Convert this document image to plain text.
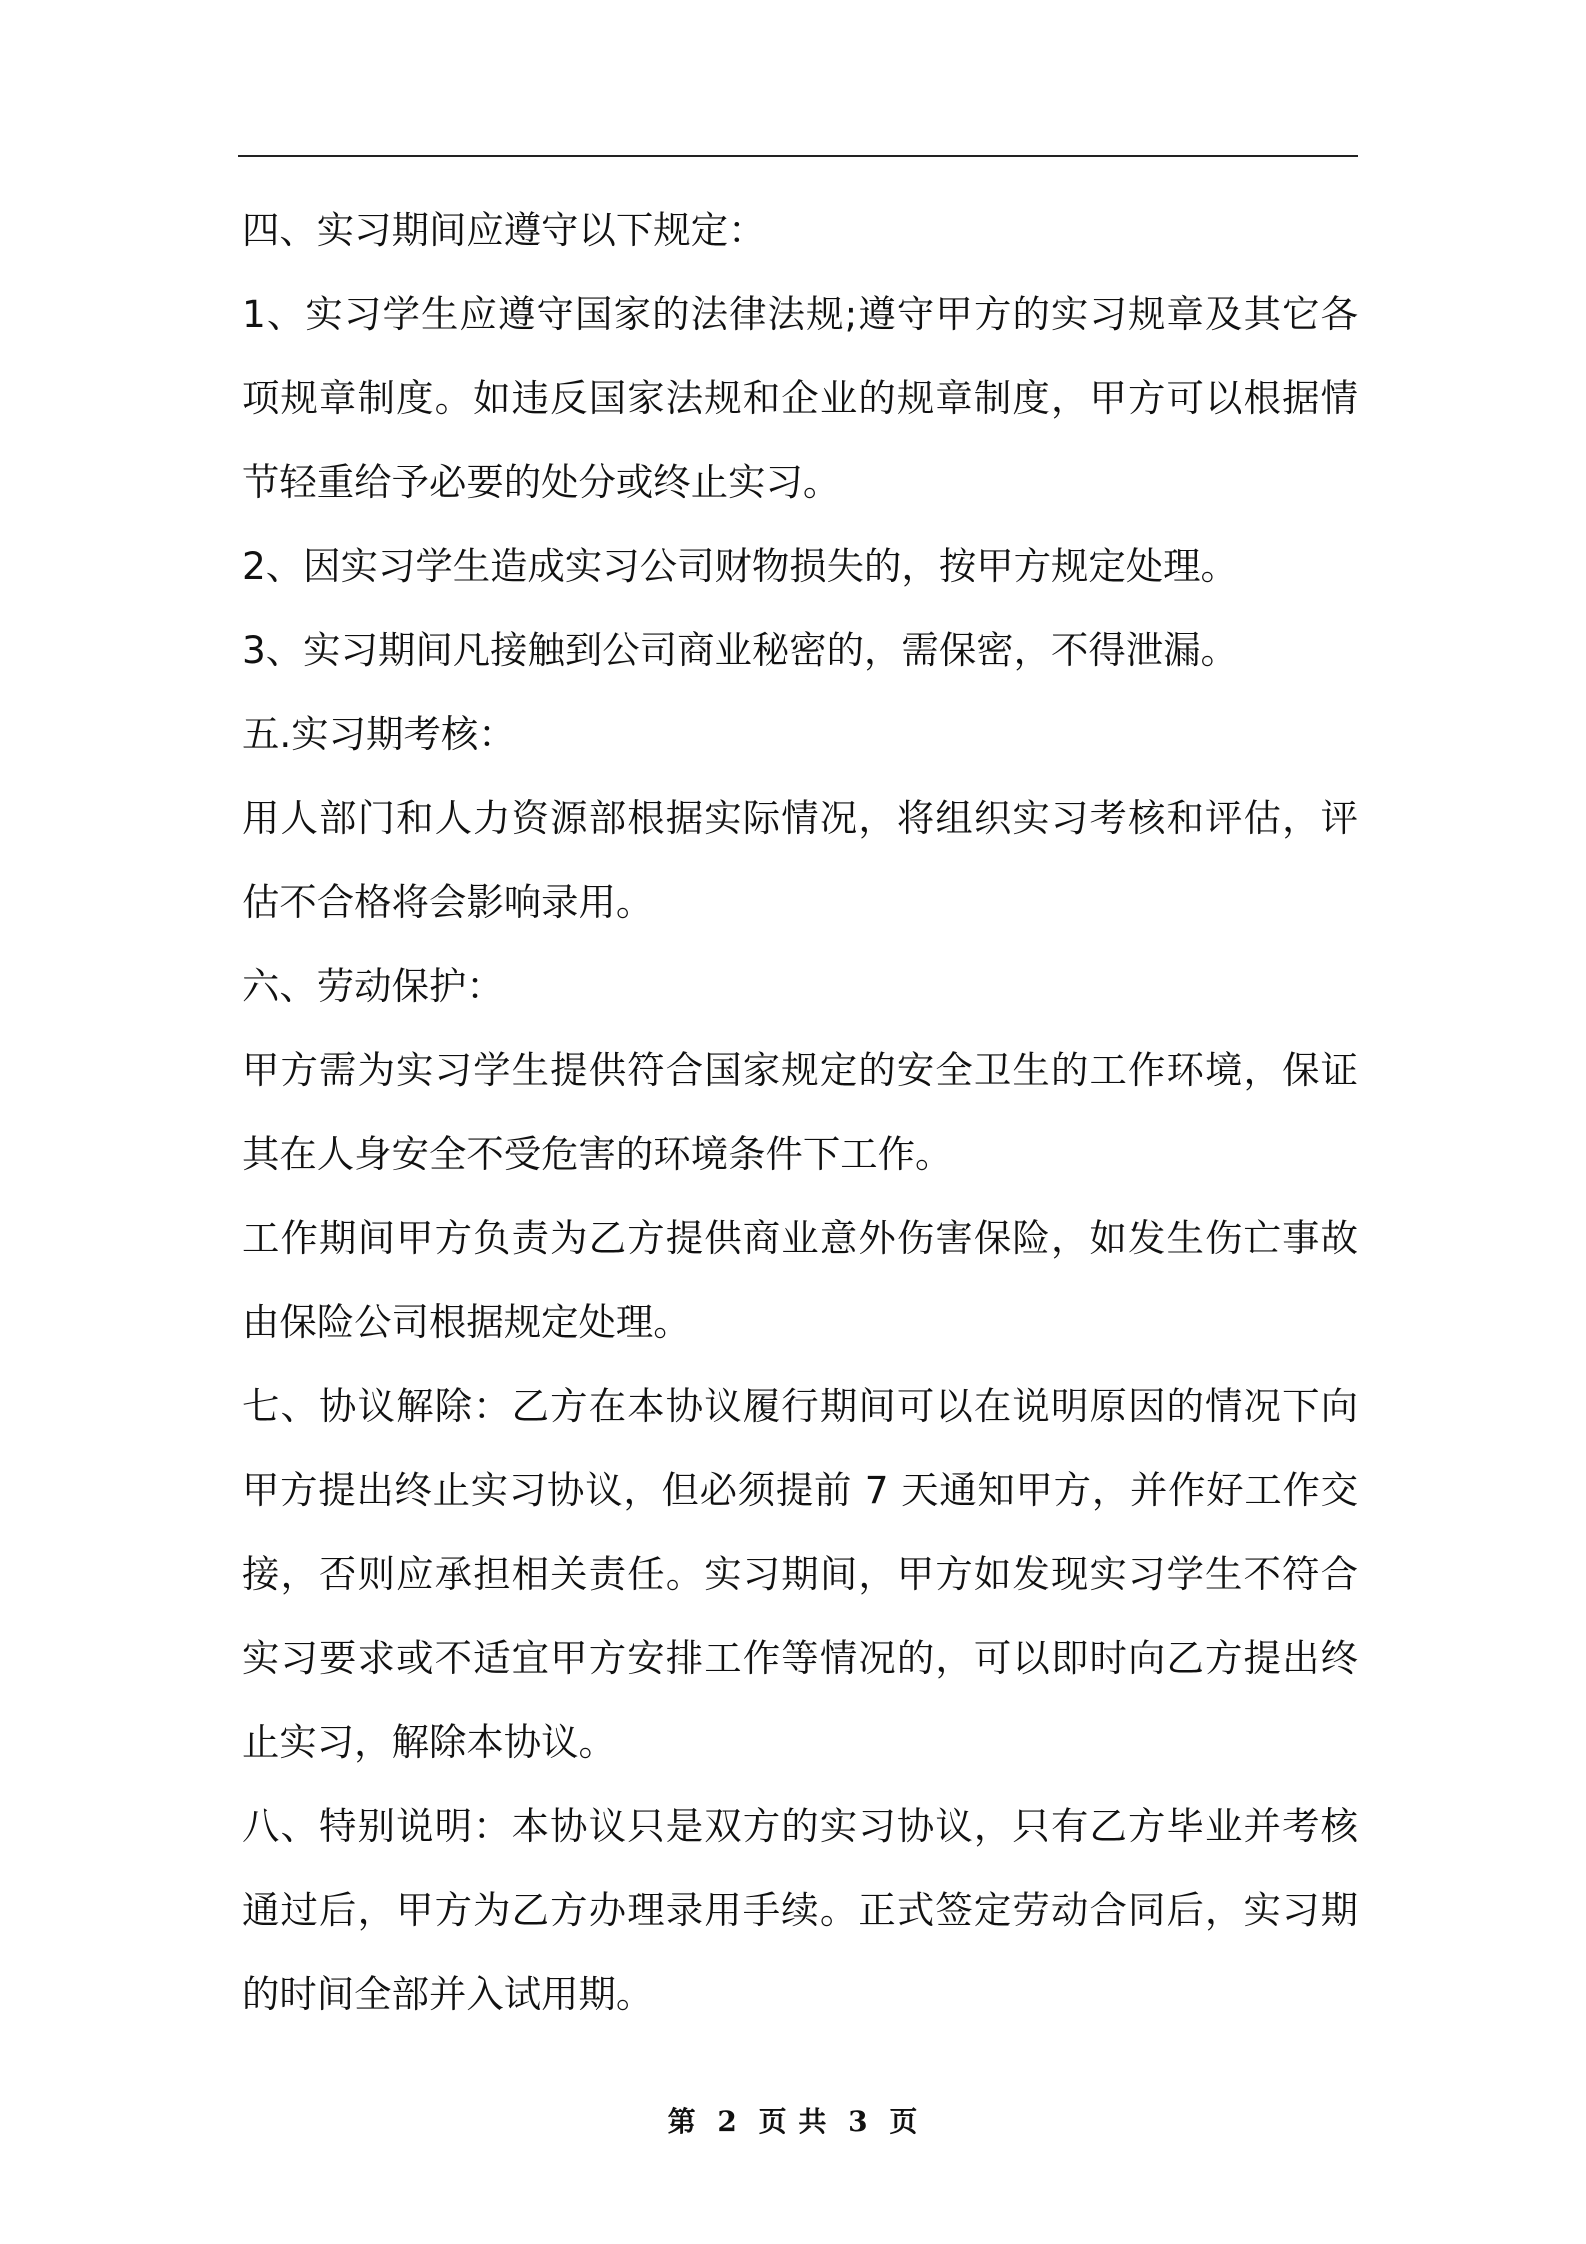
四、实习期间应遵守以下规定：

1、实习学生应遵守国家的法律法规;遵守甲方的实习规章及其它各项规章制度。如违反国家法规和企业的规章制度，甲方可以根据情节轻重给予必要的处分或终止实习。

2、因实习学生造成实习公司财物损失的，按甲方规定处理。

3、实习期间凡接触到公司商业秘密的，需保密，不得泄漏。

五.实习期考核：

用人部门和人力资源部根据实际情况，将组织实习考核和评估，评估不合格将会影响录用。

六、劳动保护：

甲方需为实习学生提供符合国家规定的安全卫生的工作环境，保证其在人身安全不受危害的环境条件下工作。

工作期间甲方负责为乙方提供商业意外伤害保险，如发生伤亡事故由保险公司根据规定处理。

七、协议解除：乙方在本协议履行期间可以在说明原因的情况下向甲方提出终止实习协议，但必须提前 7 天通知甲方，并作好工作交接，否则应承担相关责任。实习期间，甲方如发现实习学生不符合实习要求或不适宜甲方安排工作等情况的，可以即时向乙方提出终止实习，解除本协议。

八、特别说明：本协议只是双方的实习协议，只有乙方毕业并考核通过后，甲方为乙方办理录用手续。正式签定劳动合同后，实习期的时间全部并入试用期。

第 2 页 共 3 页
